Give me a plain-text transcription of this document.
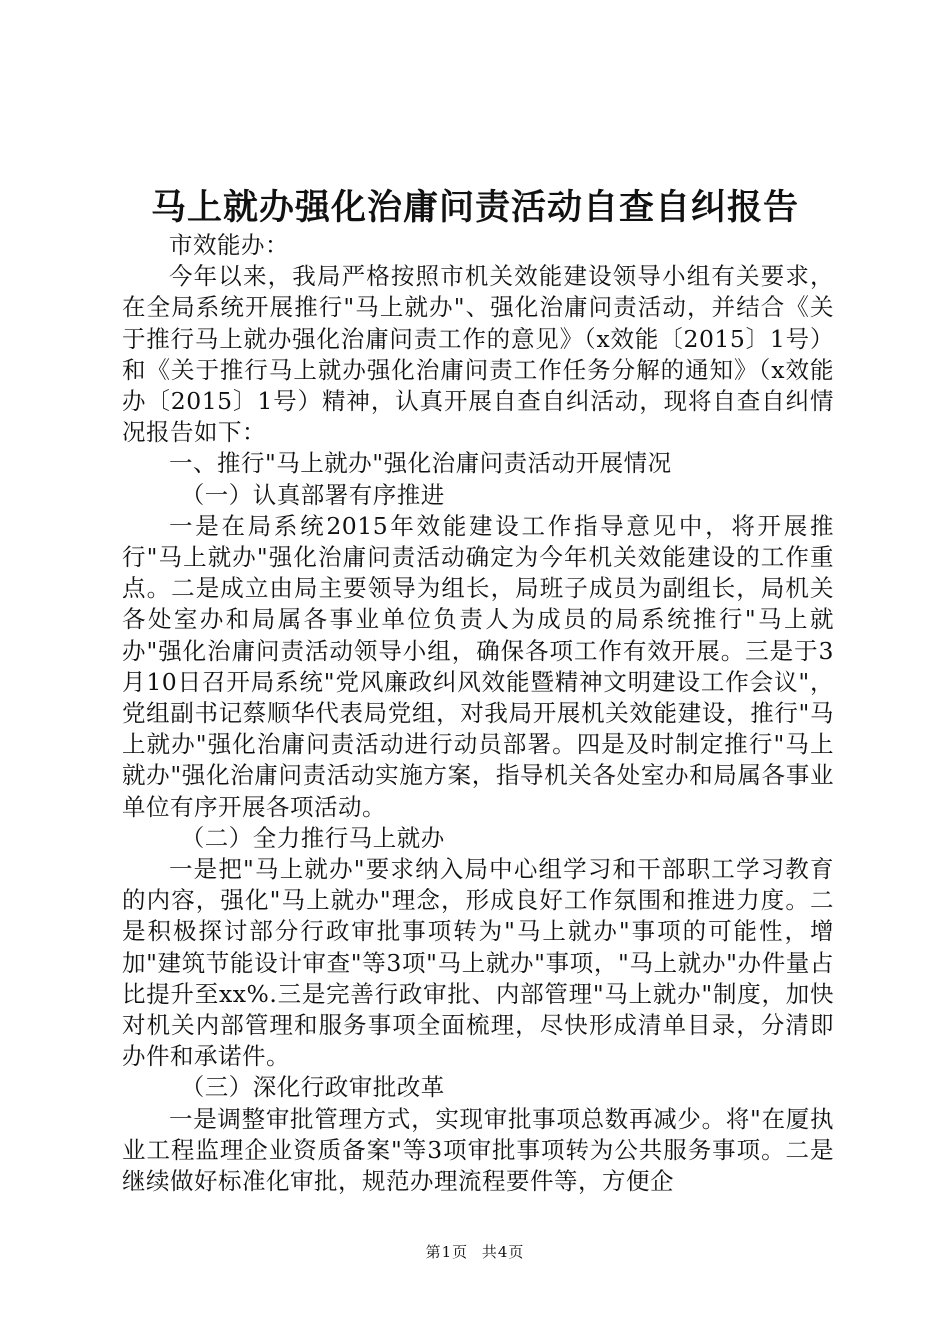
马上就办强化治庸问责活动自查自纠报告

市效能办：

今年以来，我局严格按照市机关效能建设领导小组有关要求，在全局系统开展推行"马上就办"、强化治庸问责活动，并结合《关于推行马上就办强化治庸问责工作的意见》（x效能〔2015〕1号）和《关于推行马上就办强化治庸问责工作任务分解的通知》（x效能办〔2015〕1号）精神，认真开展自查自纠活动，现将自查自纠情况报告如下：

一、推行"马上就办"强化治庸问责活动开展情况

（一）认真部署有序推进

一是在局系统2015年效能建设工作指导意见中，将开展推行"马上就办"强化治庸问责活动确定为今年机关效能建设的工作重点。二是成立由局主要领导为组长，局班子成员为副组长，局机关各处室办和局属各事业单位负责人为成员的局系统推行"马上就办"强化治庸问责活动领导小组，确保各项工作有效开展。三是于3月10日召开局系统"党风廉政纠风效能暨精神文明建设工作会议"，党组副书记蔡顺华代表局党组，对我局开展机关效能建设，推行"马上就办"强化治庸问责活动进行动员部署。四是及时制定推行"马上就办"强化治庸问责活动实施方案，指导机关各处室办和局属各事业单位有序开展各项活动。

（二）全力推行马上就办

一是把"马上就办"要求纳入局中心组学习和干部职工学习教育的内容，强化"马上就办"理念，形成良好工作氛围和推进力度。二是积极探讨部分行政审批事项转为"马上就办"事项的可能性，增加"建筑节能设计审查"等3项"马上就办"事项，"马上就办"办件量占比提升至xx%.三是完善行政审批、内部管理"马上就办"制度，加快对机关内部管理和服务事项全面梳理，尽快形成清单目录，分清即办件和承诺件。

（三）深化行政审批改革

一是调整审批管理方式，实现审批事项总数再减少。将"在厦执业工程监理企业资质备案"等3项审批事项转为公共服务事项。二是继续做好标准化审批，规范办理流程要件等，方便企

第1页 共4页
